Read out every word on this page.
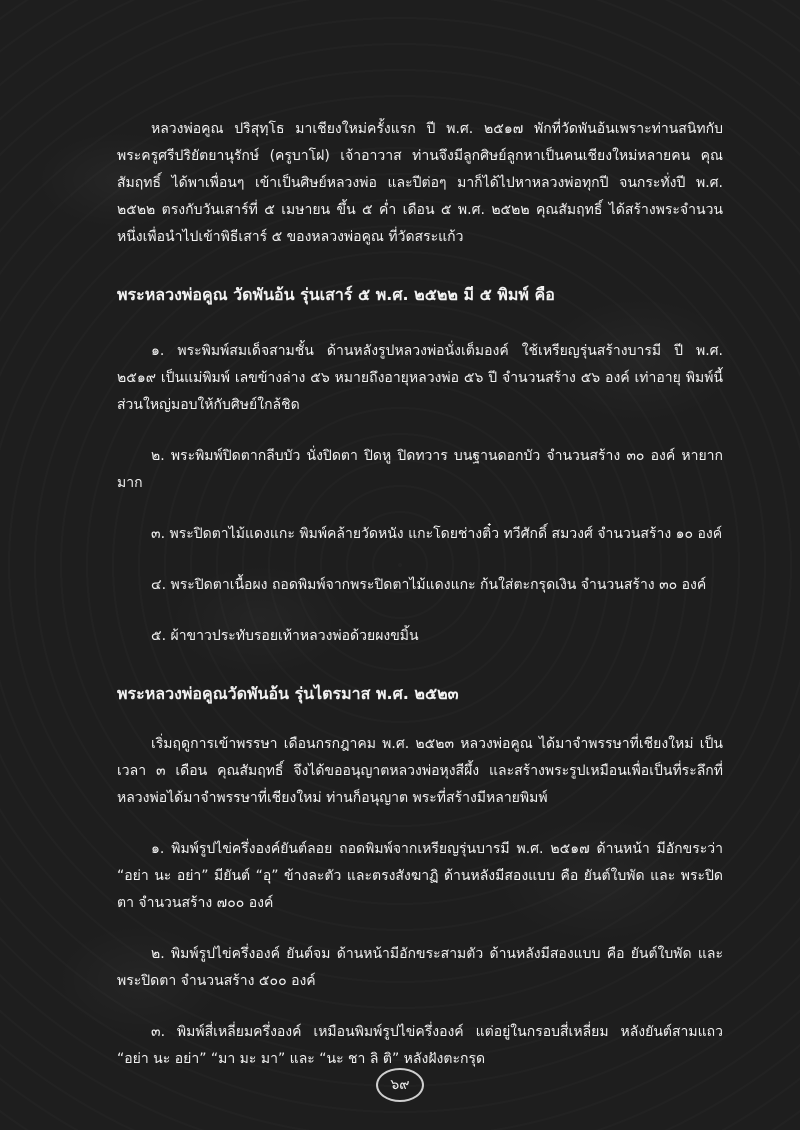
หลวงพ่อคูณ ปริสุทฺโธ มาเชียงใหม่ครั้งแรก ปี พ.ศ. ๒๕๑๗ พักที่วัดพันอ้นเพราะท่านสนิทกับพระครูศรีปริยัตยานุรักษ์ (ครูบาโฝ) เจ้าอาวาส ท่านจึงมีลูกศิษย์ลูกหาเป็นคนเชียงใหม่หลายคน คุณสัมฤทธิ์ ได้พาเพื่อนๆ เข้าเป็นศิษย์หลวงพ่อ และปีต่อๆ มาก็ได้ไปหาหลวงพ่อทุกปี จนกระทั่งปี พ.ศ. ๒๕๒๒ ตรงกับวันเสาร์ที่ ๕ เมษายน ขึ้น ๕ ค่ำ เดือน ๕ พ.ศ. ๒๕๒๒ คุณสัมฤทธิ์ ได้สร้างพระจำนวนหนึ่งเพื่อนำไปเข้าพิธีเสาร์ ๕ ของหลวงพ่อคูณ ที่วัดสระแก้ว

พระหลวงพ่อคูณ วัดพันอ้น รุ่นเสาร์ ๕ พ.ศ. ๒๕๒๒ มี ๕ พิมพ์ คือ

๑. พระพิมพ์สมเด็จสามชั้น ด้านหลังรูปหลวงพ่อนั่งเต็มองค์ ใช้เหรียญรุ่นสร้างบารมี ปี พ.ศ. ๒๕๑๙ เป็นแม่พิมพ์ เลขข้างล่าง ๕๖ หมายถึงอายุหลวงพ่อ ๕๖ ปี จำนวนสร้าง ๕๖ องค์ เท่าอายุ พิมพ์นี้ส่วนใหญ่มอบให้กับศิษย์ใกล้ชิด

๒. พระพิมพ์ปิดตากลีบบัว นั่งปิดตา ปิดหู ปิดทวาร บนฐานดอกบัว จำนวนสร้าง ๓๐ องค์ หายากมาก

๓. พระปิดตาไม้แดงแกะ พิมพ์คล้ายวัดหนัง แกะโดยช่างติ๋ว ทวีศักดิ์ สมวงศ์ จำนวนสร้าง ๑๐ องค์

๔. พระปิดตาเนื้อผง ถอดพิมพ์จากพระปิดตาไม้แดงแกะ ก้นใส่ตะกรุดเงิน จำนวนสร้าง ๓๐ องค์

๕. ผ้าขาวประทับรอยเท้าหลวงพ่อด้วยผงขมิ้น

พระหลวงพ่อคูณวัดพันอ้น รุ่นไตรมาส พ.ศ. ๒๕๒๓

เริ่มฤดูการเข้าพรรษา เดือนกรกฎาคม พ.ศ. ๒๕๒๓ หลวงพ่อคูณ ได้มาจำพรรษาที่เชียงใหม่ เป็นเวลา ๓ เดือน คุณสัมฤทธิ์ จึงได้ขออนุญาตหลวงพ่อหุงสีผึ้ง และสร้างพระรูปเหมือนเพื่อเป็นที่ระลึกที่หลวงพ่อได้มาจำพรรษาที่เชียงใหม่ ท่านก็อนุญาต พระที่สร้างมีหลายพิมพ์

๑. พิมพ์รูปไข่ครึ่งองค์ยันต์ลอย ถอดพิมพ์จากเหรียญรุ่นบารมี พ.ศ. ๒๕๑๗ ด้านหน้า มีอักขระว่า “อย่า นะ อย่า” มียันต์ “อุ” ข้างละตัว และตรงสังฆาฏิ ด้านหลังมีสองแบบ คือ ยันต์ใบพัด และ พระปิดตา จำนวนสร้าง ๗๐๐ องค์

๒. พิมพ์รูปไข่ครึ่งองค์ ยันต์จม ด้านหน้ามีอักขระสามตัว ด้านหลังมีสองแบบ คือ ยันต์ใบพัด และพระปิดตา จำนวนสร้าง ๕๐๐ องค์

๓. พิมพ์สี่เหลี่ยมครึ่งองค์ เหมือนพิมพ์รูปไข่ครึ่งองค์ แต่อยู่ในกรอบสี่เหลี่ยม หลังยันต์สามแถว “อย่า นะ อย่า” “มา มะ มา” และ “นะ ชา ลิ ติ” หลังฝังตะกรุด

๖๙
